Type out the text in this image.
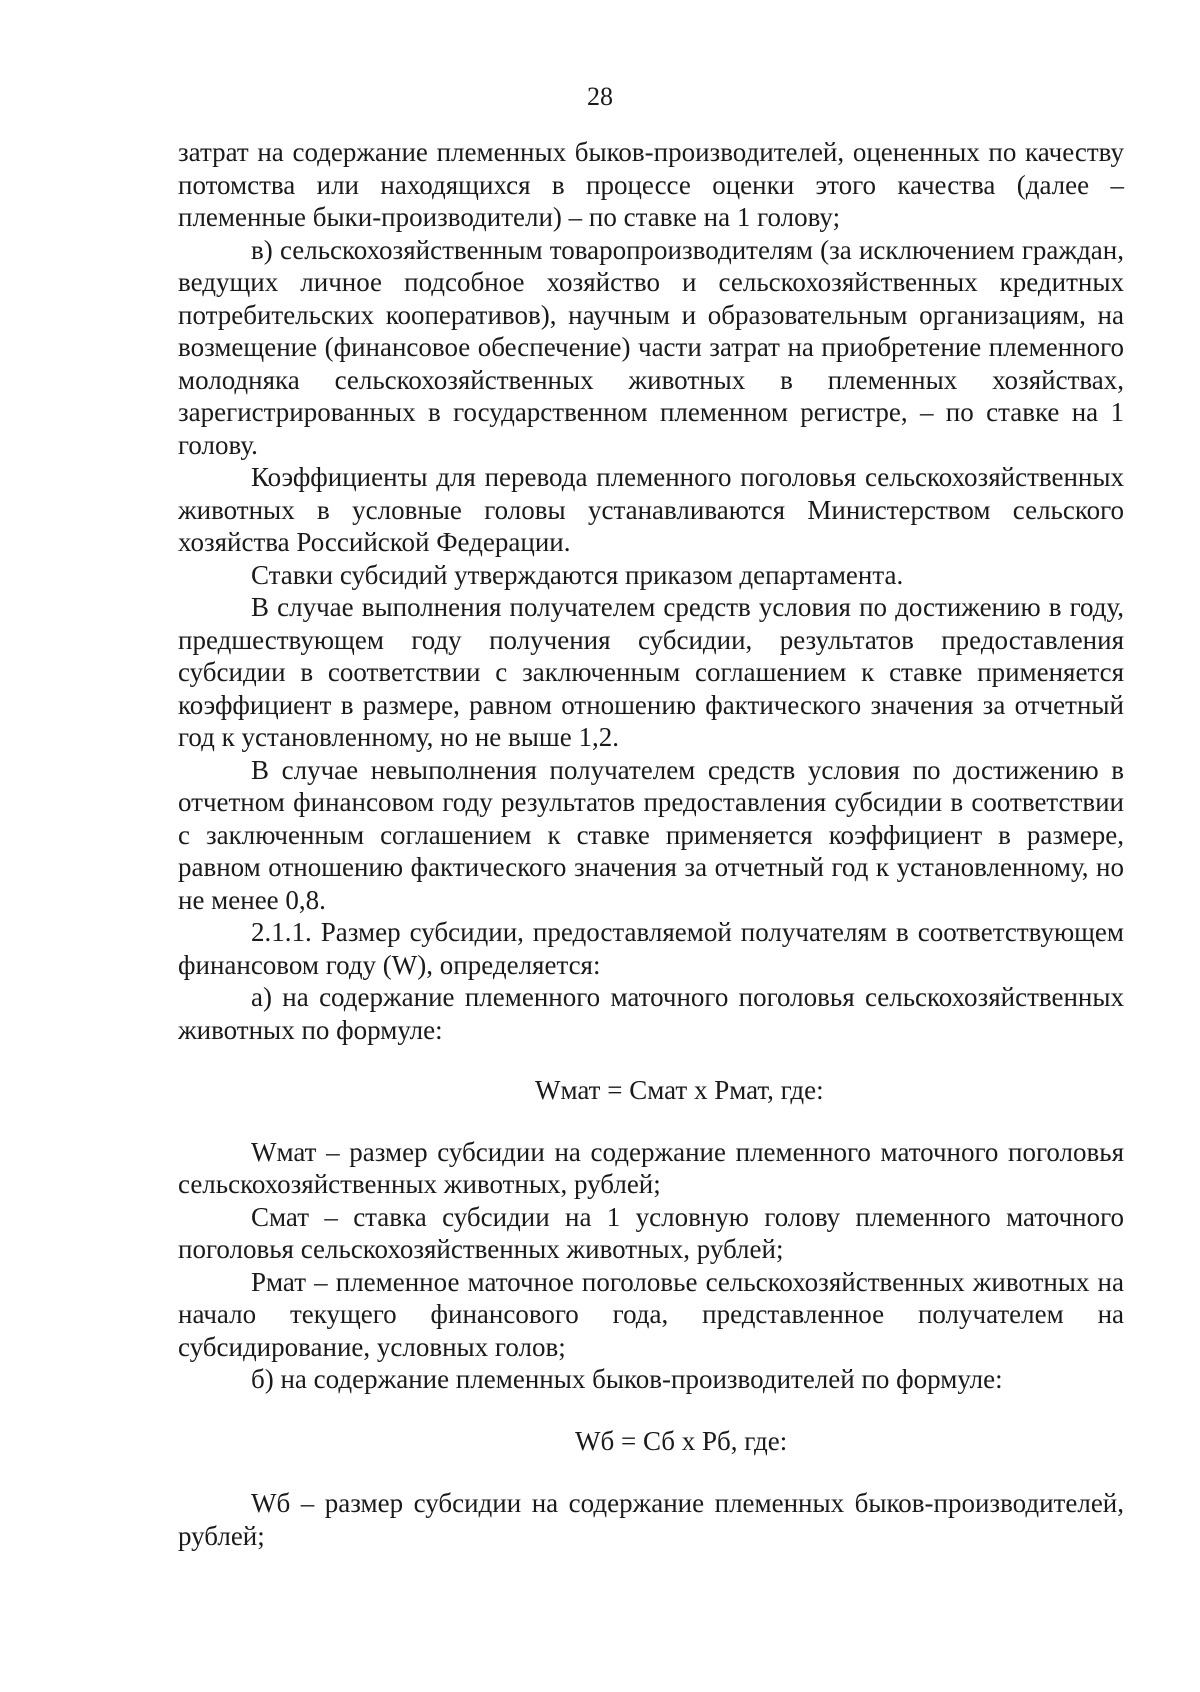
28

затрат на содержание племенных быков-производителей, оцененных по качеству потомства или находящихся в процессе оценки этого качества (далее – племенные быки-производители) – по ставке на 1 голову;

в) сельскохозяйственным товаропроизводителям (за исключением граждан, ведущих личное подсобное хозяйство и сельскохозяйственных кредитных потребительских кооперативов), научным и образовательным организациям, на возмещение (финансовое обеспечение) части затрат на приобретение племенного молодняка сельскохозяйственных животных в племенных хозяйствах, зарегистрированных в государственном племенном регистре, – по ставке на 1 голову.

Коэффициенты для перевода племенного поголовья сельскохозяйственных животных в условные головы устанавливаются Министерством сельского хозяйства Российской Федерации.

Ставки субсидий утверждаются приказом департамента.

В случае выполнения получателем средств условия по достижению в году, предшествующем году получения субсидии, результатов предоставления субсидии в соответствии с заключенным соглашением к ставке применяется коэффициент в размере, равном отношению фактического значения за отчетный год к установленному, но не выше 1,2.

В случае невыполнения получателем средств условия по достижению в отчетном финансовом году результатов предоставления субсидии в соответствии с заключенным соглашением к ставке применяется коэффициент в размере, равном отношению фактического значения за отчетный год к установленному, но не менее 0,8.

2.1.1. Размер субсидии, предоставляемой получателям в соответствующем финансовом году (W), определяется:

а) на содержание племенного маточного поголовья сельскохозяйственных животных по формуле:

Wмат = Смат х Рмат, где:

Wмат – размер субсидии на содержание племенного маточного поголовья сельскохозяйственных животных, рублей;

Смат – ставка субсидии на 1 условную голову племенного маточного поголовья сельскохозяйственных животных, рублей;

Рмат – племенное маточное поголовье сельскохозяйственных животных на начало текущего финансового года, представленное получателем на субсидирование, условных голов;

б) на содержание племенных быков-производителей по формуле:

Wб = Сб х Рб, где:

Wб – размер субсидии на содержание племенных быков-производителей, рублей;
